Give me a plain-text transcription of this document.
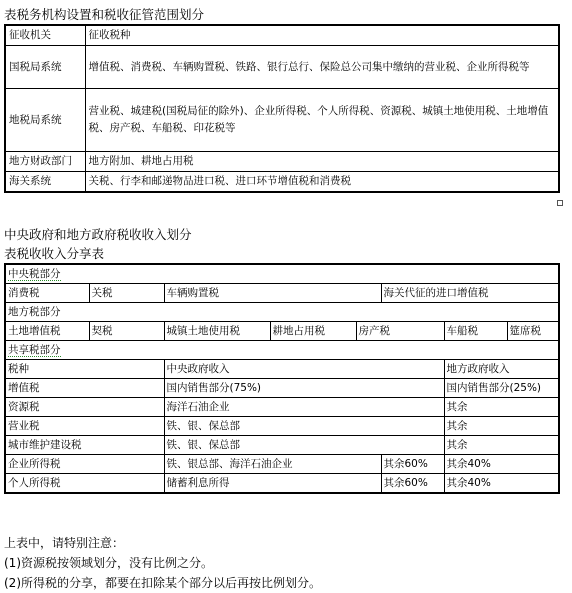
表税务机构设置和税收征管范围划分
征收机关	征收税种
国税局系统	增值税、消费税、车辆购置税、铁路、银行总行、保险总公司集中缴纳的营业税、企业所得税等
地税局系统	营业税、城建税(国税局征的除外)、企业所得税、个人所得税、资源税、城镇土地使用税、土地增值税、房产税、车船税、印花税等
地方财政部门	地方附加、耕地占用税
海关系统	关税、行李和邮递物品进口税、进口环节增值税和消费税
中央政府和地方政府税收收入划分
表税收收入分享表
中央税部分							
消费税	关税	车辆购置税			海关代征的进口增值税		
地方税部分							
土地增值税	契税	城镇土地使用税	耕地占用税	房产税		车船税	筵席税
共享税部分							
税种		中央政府收入				地方政府收入	
增值税		国内销售部分(75%)				国内销售部分(25%)	
资源税		海洋石油企业				其余	
营业税		铁、银、保总部				其余	
城市维护建设税		铁、银、保总部				其余	
企业所得税		铁、银总部、海洋石油企业			其余60%	其余40%	
个人所得税		储蓄利息所得			其余60%	其余40%	
上表中，请特别注意：
(1)资源税按领域划分，没有比例之分。
(2)所得税的分享，都要在扣除某个部分以后再按比例划分。
